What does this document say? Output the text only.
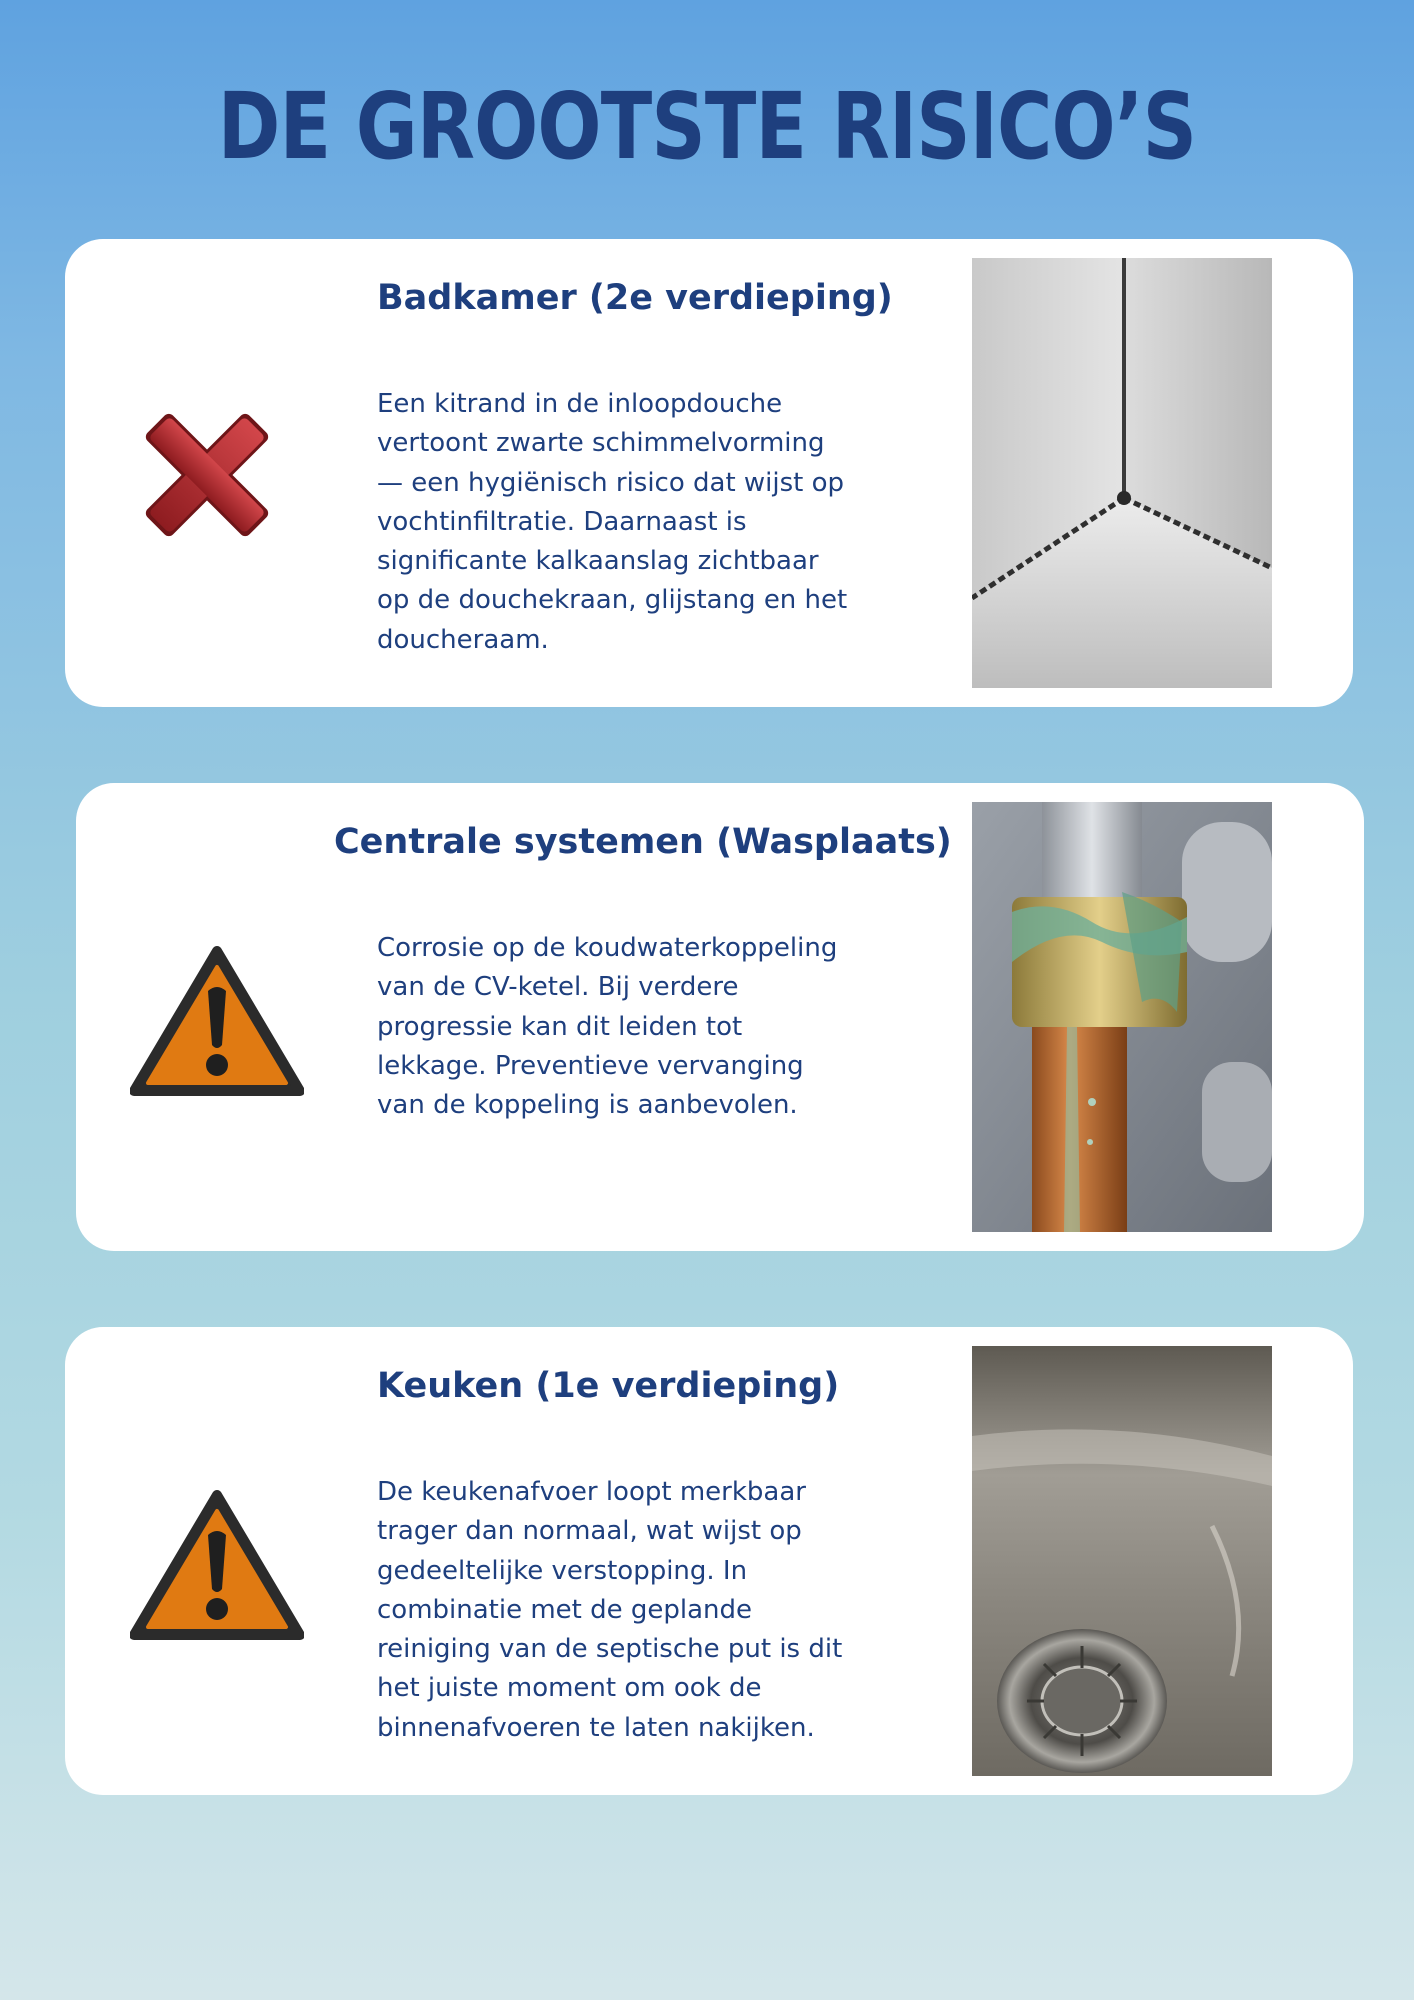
DE GROOTSTE RISICO’S
Badkamer (2e verdieping)

Een kitrand in de inloopdouche vertoont zwarte schimmelvorming — een hygiënisch risico dat wijst op vochtinfiltratie. Daarnaast is significante kalkaanslag zichtbaar op de douchekraan, glijstang en het doucheraam.

Centrale systemen (Wasplaats)

Corrosie op de koudwaterkoppeling van de CV-ketel. Bij verdere progressie kan dit leiden tot lekkage. Preventieve vervanging van de koppeling is aanbevolen.

Keuken (1e verdieping)

De keukenafvoer loopt merkbaar trager dan normaal, wat wijst op gedeeltelijke verstopping. In combinatie met de geplande reiniging van de septische put is dit het juiste moment om ook de binnenafvoeren te laten nakijken.
